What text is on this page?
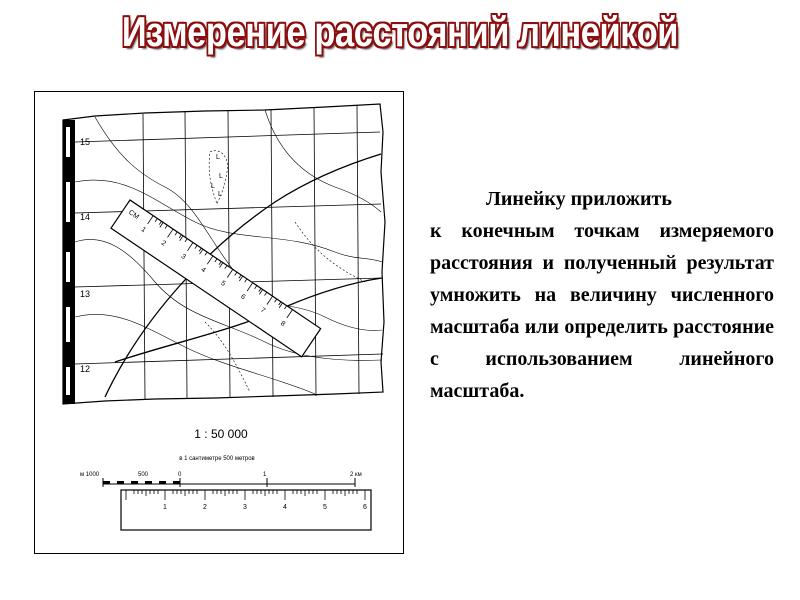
Измерение расстояний линейкой
L
L
L
L
СМ
1
2
3
4
5
6
7
8
15
14
13
12
1 : 50 000
в 1 сантиметре 500 метров
м 1000	500	0	1	2 км
1	2	3	4	5	6
Линейку приложить
к конечным точкам измеряемого расстояния и полученный результат умножить на величину численного масштаба или определить расстояние с использованием линейного масштаба.
